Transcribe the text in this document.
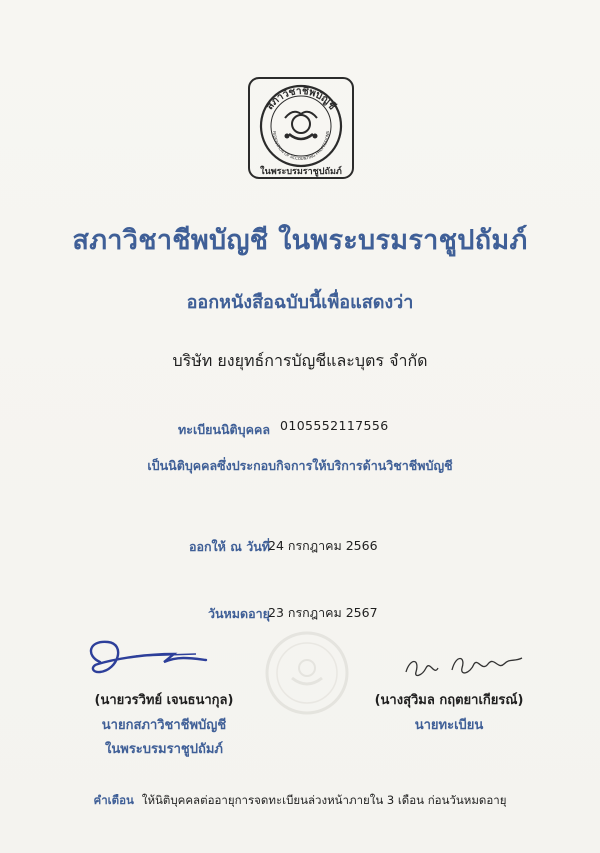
สภาวิชาชีพบัญชี
FEDERATION OF ACCOUNTING PROFESSIONS
ในพระบรมราชูปถัมภ์
สภาวิชาชีพบัญชี ในพระบรมราชูปถัมภ์
ออกหนังสือฉบับนี้เพื่อแสดงว่า
บริษัท ยงยุทธ์การบัญชีและบุตร จำกัด
ทะเบียนนิติบุคคล 0105552117556
เป็นนิติบุคคลซึ่งประกอบกิจการให้บริการด้านวิชาชีพบัญชี
ออกให้ ณ วันที่
24 กรกฎาคม 2566
วันหมดอายุ
23 กรกฎาคม 2567
(นายวรวิทย์ เจนธนากุล)
นายกสภาวิชาชีพบัญชี
ในพระบรมราชูปถัมภ์
(นางสุวิมล กฤตยาเกียรณ์)
นายทะเบียน
คำเตือน ให้นิติบุคคลต่ออายุการจดทะเบียนล่วงหน้าภายใน 3 เดือน ก่อนวันหมดอายุ
